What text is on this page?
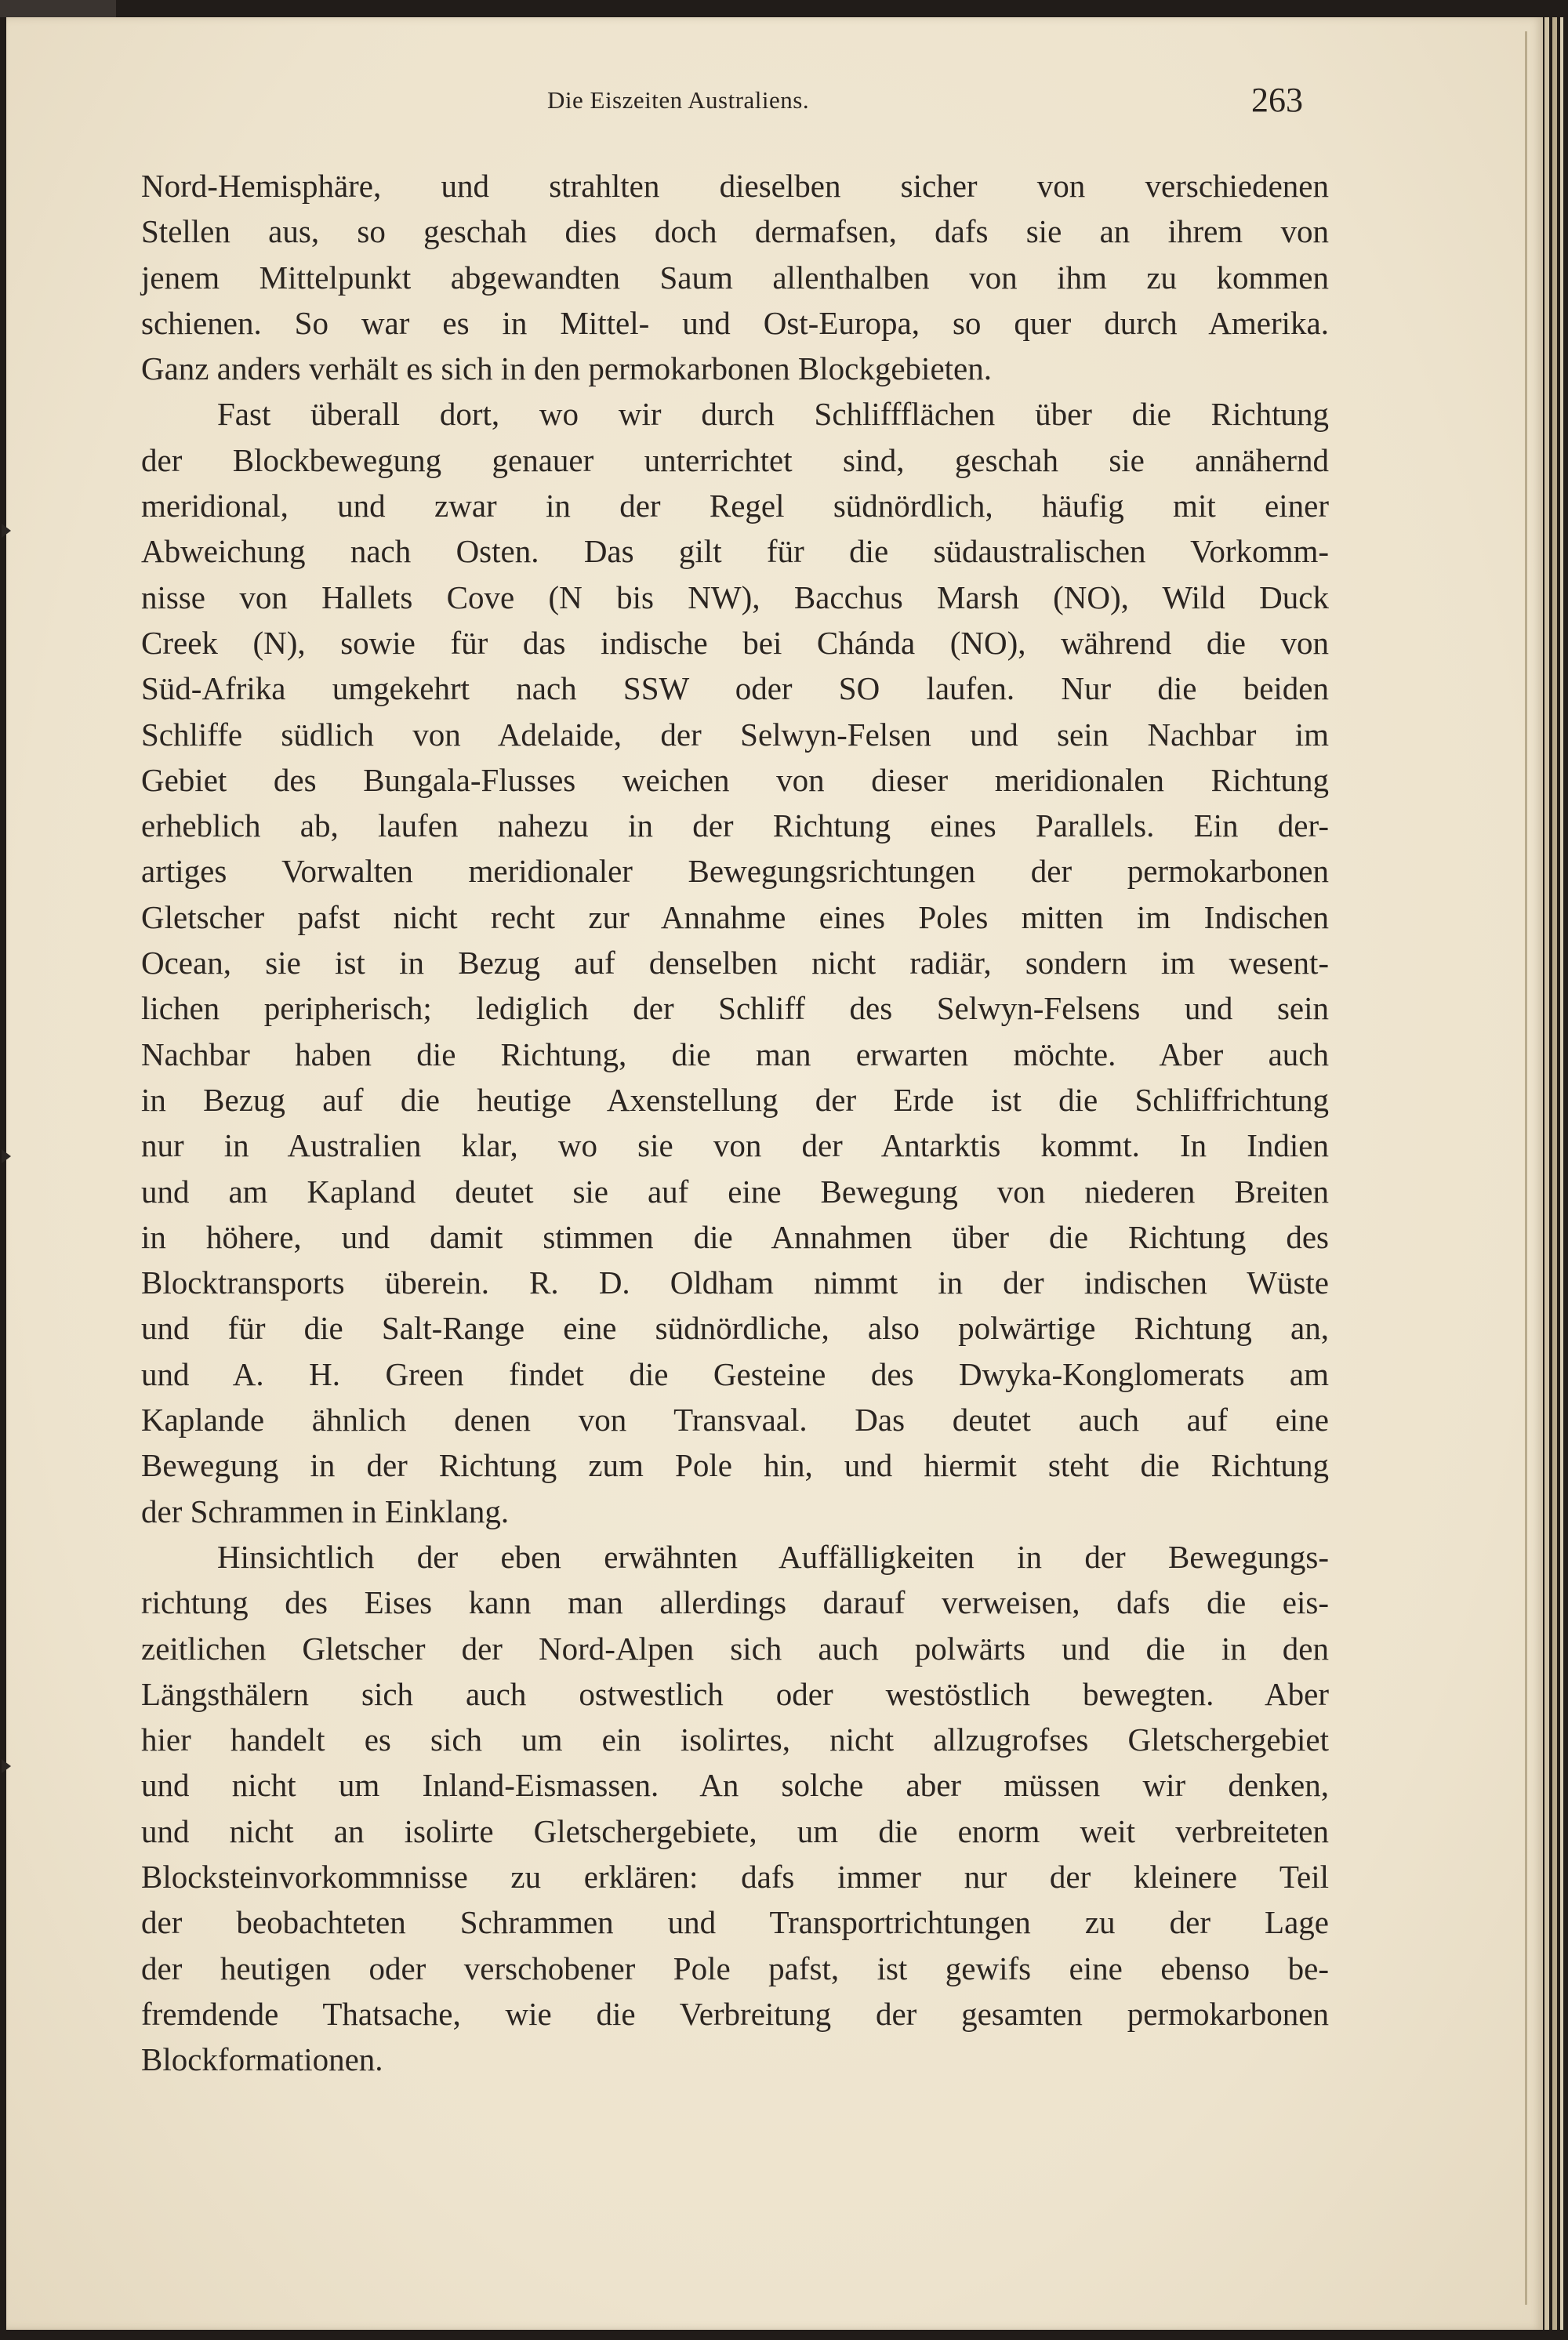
Die Eiszeiten Australiens.	263
Nord-Hemisphäre, und strahlten dieselben sicher von verschiedenen
Stellen aus, so geschah dies doch dermafsen, dafs sie an ihrem von
jenem Mittelpunkt abgewandten Saum allenthalben von ihm zu kommen
schienen. So war es in Mittel- und Ost-Europa, so quer durch Amerika.
Ganz anders verhält es sich in den permokarbonen Blockgebieten.
Fast überall dort, wo wir durch Schliffflächen über die Richtung
der Blockbewegung genauer unterrichtet sind, geschah sie annähernd
meridional, und zwar in der Regel südnördlich, häufig mit einer
Abweichung nach Osten. Das gilt für die südaustralischen Vorkomm-
nisse von Hallets Cove (N bis NW), Bacchus Marsh (NO), Wild Duck
Creek (N), sowie für das indische bei Chánda (NO), während die von
Süd-Afrika umgekehrt nach SSW oder SO laufen. Nur die beiden
Schliffe südlich von Adelaide, der Selwyn-Felsen und sein Nachbar im
Gebiet des Bungala-Flusses weichen von dieser meridionalen Richtung
erheblich ab, laufen nahezu in der Richtung eines Parallels. Ein der-
artiges Vorwalten meridionaler Bewegungsrichtungen der permokarbonen
Gletscher pafst nicht recht zur Annahme eines Poles mitten im Indischen
Ocean, sie ist in Bezug auf denselben nicht radiär, sondern im wesent-
lichen peripherisch; lediglich der Schliff des Selwyn-Felsens und sein
Nachbar haben die Richtung, die man erwarten möchte. Aber auch
in Bezug auf die heutige Axenstellung der Erde ist die Schliffrichtung
nur in Australien klar, wo sie von der Antarktis kommt. In Indien
und am Kapland deutet sie auf eine Bewegung von niederen Breiten
in höhere, und damit stimmen die Annahmen über die Richtung des
Blocktransports überein. R. D. Oldham nimmt in der indischen Wüste
und für die Salt-Range eine südnördliche, also polwärtige Richtung an,
und A. H. Green findet die Gesteine des Dwyka-Konglomerats am
Kaplande ähnlich denen von Transvaal. Das deutet auch auf eine
Bewegung in der Richtung zum Pole hin, und hiermit steht die Richtung
der Schrammen in Einklang.
Hinsichtlich der eben erwähnten Auffälligkeiten in der Bewegungs-
richtung des Eises kann man allerdings darauf verweisen, dafs die eis-
zeitlichen Gletscher der Nord-Alpen sich auch polwärts und die in den
Längsthälern sich auch ostwestlich oder westöstlich bewegten. Aber
hier handelt es sich um ein isolirtes, nicht allzugrofses Gletschergebiet
und nicht um Inland-Eismassen. An solche aber müssen wir denken,
und nicht an isolirte Gletschergebiete, um die enorm weit verbreiteten
Blocksteinvorkommnisse zu erklären: dafs immer nur der kleinere Teil
der beobachteten Schrammen und Transportrichtungen zu der Lage
der heutigen oder verschobener Pole pafst, ist gewifs eine ebenso be-
fremdende Thatsache, wie die Verbreitung der gesamten permokarbonen
Blockformationen.
